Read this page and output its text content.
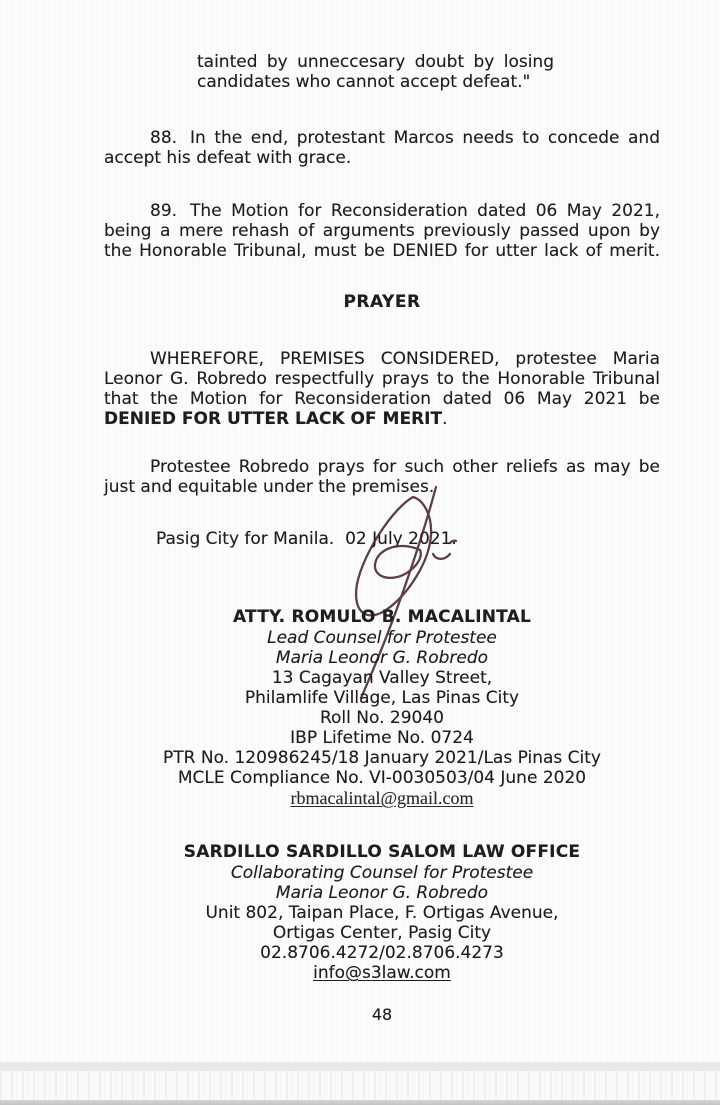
tainted by unneccesary doubt by losing
candidates who cannot accept defeat."
88. In the end, protestant Marcos needs to concede and
accept his defeat with grace.
89. The Motion for Reconsideration dated 06 May 2021,
being a mere rehash of arguments previously passed upon by
the Honorable Tribunal, must be DENIED for utter lack of merit.
PRAYER
WHEREFORE, PREMISES CONSIDERED, protestee Maria
Leonor G. Robredo respectfully prays to the Honorable Tribunal
that the Motion for Reconsideration dated 06 May 2021 be
DENIED FOR UTTER LACK OF MERIT.
Protestee Robredo prays for such other reliefs as may be
just and equitable under the premises.
Pasig City for Manila.  02 July 2021.
ATTY. ROMULO B. MACALINTAL
Lead Counsel for Protestee
Maria Leonor G. Robredo
13 Cagayan Valley Street,
Philamlife Village, Las Pinas City
Roll No. 29040
IBP Lifetime No. 0724
PTR No. 120986245/18 January 2021/Las Pinas City
MCLE Compliance No. VI-0030503/04 June 2020
rbmacalintal@gmail.com
SARDILLO SARDILLO SALOM LAW OFFICE
Collaborating Counsel for Protestee
Maria Leonor G. Robredo
Unit 802, Taipan Place, F. Ortigas Avenue,
Ortigas Center, Pasig City
02.8706.4272/02.8706.4273
info@s3law.com
48
